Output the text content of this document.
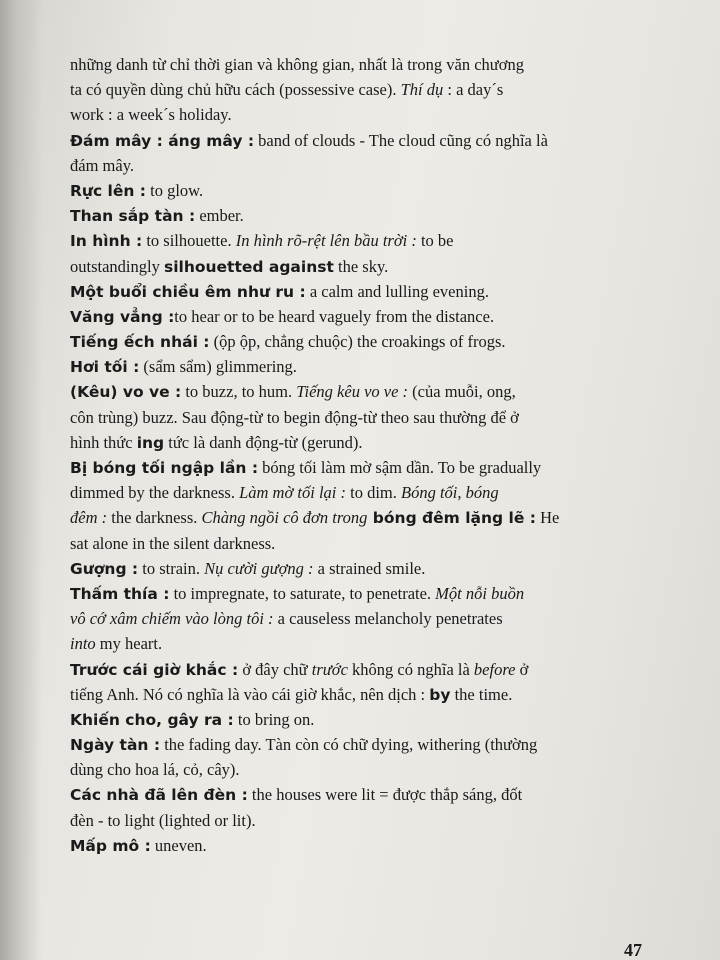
những danh từ chỉ thời gian và không gian, nhất là trong văn chương
ta có quyền dùng chủ hữu cách (possessive case). Thí dụ : a day´s
work : a week´s holiday.
Đám mây : áng mây : band of clouds - The cloud cũng có nghĩa là
đám mây.
Rực lên : to glow.
Than sắp tàn : ember.
In hình : to silhouette. In hình rõ-rệt lên bầu trời : to be
outstandingly silhouetted against the sky.
Một buổi chiều êm như ru : a calm and lulling evening.
Văng vẳng :to hear or to be heard vaguely from the distance.
Tiếng ếch nhái : (ộp ộp, chẳng chuộc) the croakings of frogs.
Hơi tối : (sẩm sẩm) glimmering.
(Kêu) vo ve : to buzz, to hum. Tiếng kêu vo ve : (của muỗi, ong,
côn trùng) buzz. Sau động-từ to begin động-từ theo sau thường để ở
hình thức ing tức là danh động-từ (gerund).
Bị bóng tối ngập lần : bóng tối làm mờ sậm dần. To be gradually
dimmed by the darkness. Làm mờ tối lại : to dim. Bóng tối, bóng
đêm : the darkness. Chàng ngồi cô đơn trong bóng đêm lặng lẽ : He
sat alone in the silent darkness.
Gượng : to strain. Nụ cười gượng : a strained smile.
Thấm thía : to impregnate, to saturate, to penetrate. Một nỗi buồn
vô cớ xâm chiếm vào lòng tôi : a causeless melancholy penetrates
into my heart.
Trước cái giờ khắc : ở đây chữ trước không có nghĩa là before ở
tiếng Anh. Nó có nghĩa là vào cái giờ khắc, nên dịch : by the time.
Khiến cho, gây ra : to bring on.
Ngày tàn : the fading day. Tàn còn có chữ dying, withering (thường
dùng cho hoa lá, cỏ, cây).
Các nhà đã lên đèn : the houses were lit = được thắp sáng, đốt
đèn - to light (lighted or lit).
Mấp mô : uneven.
47
